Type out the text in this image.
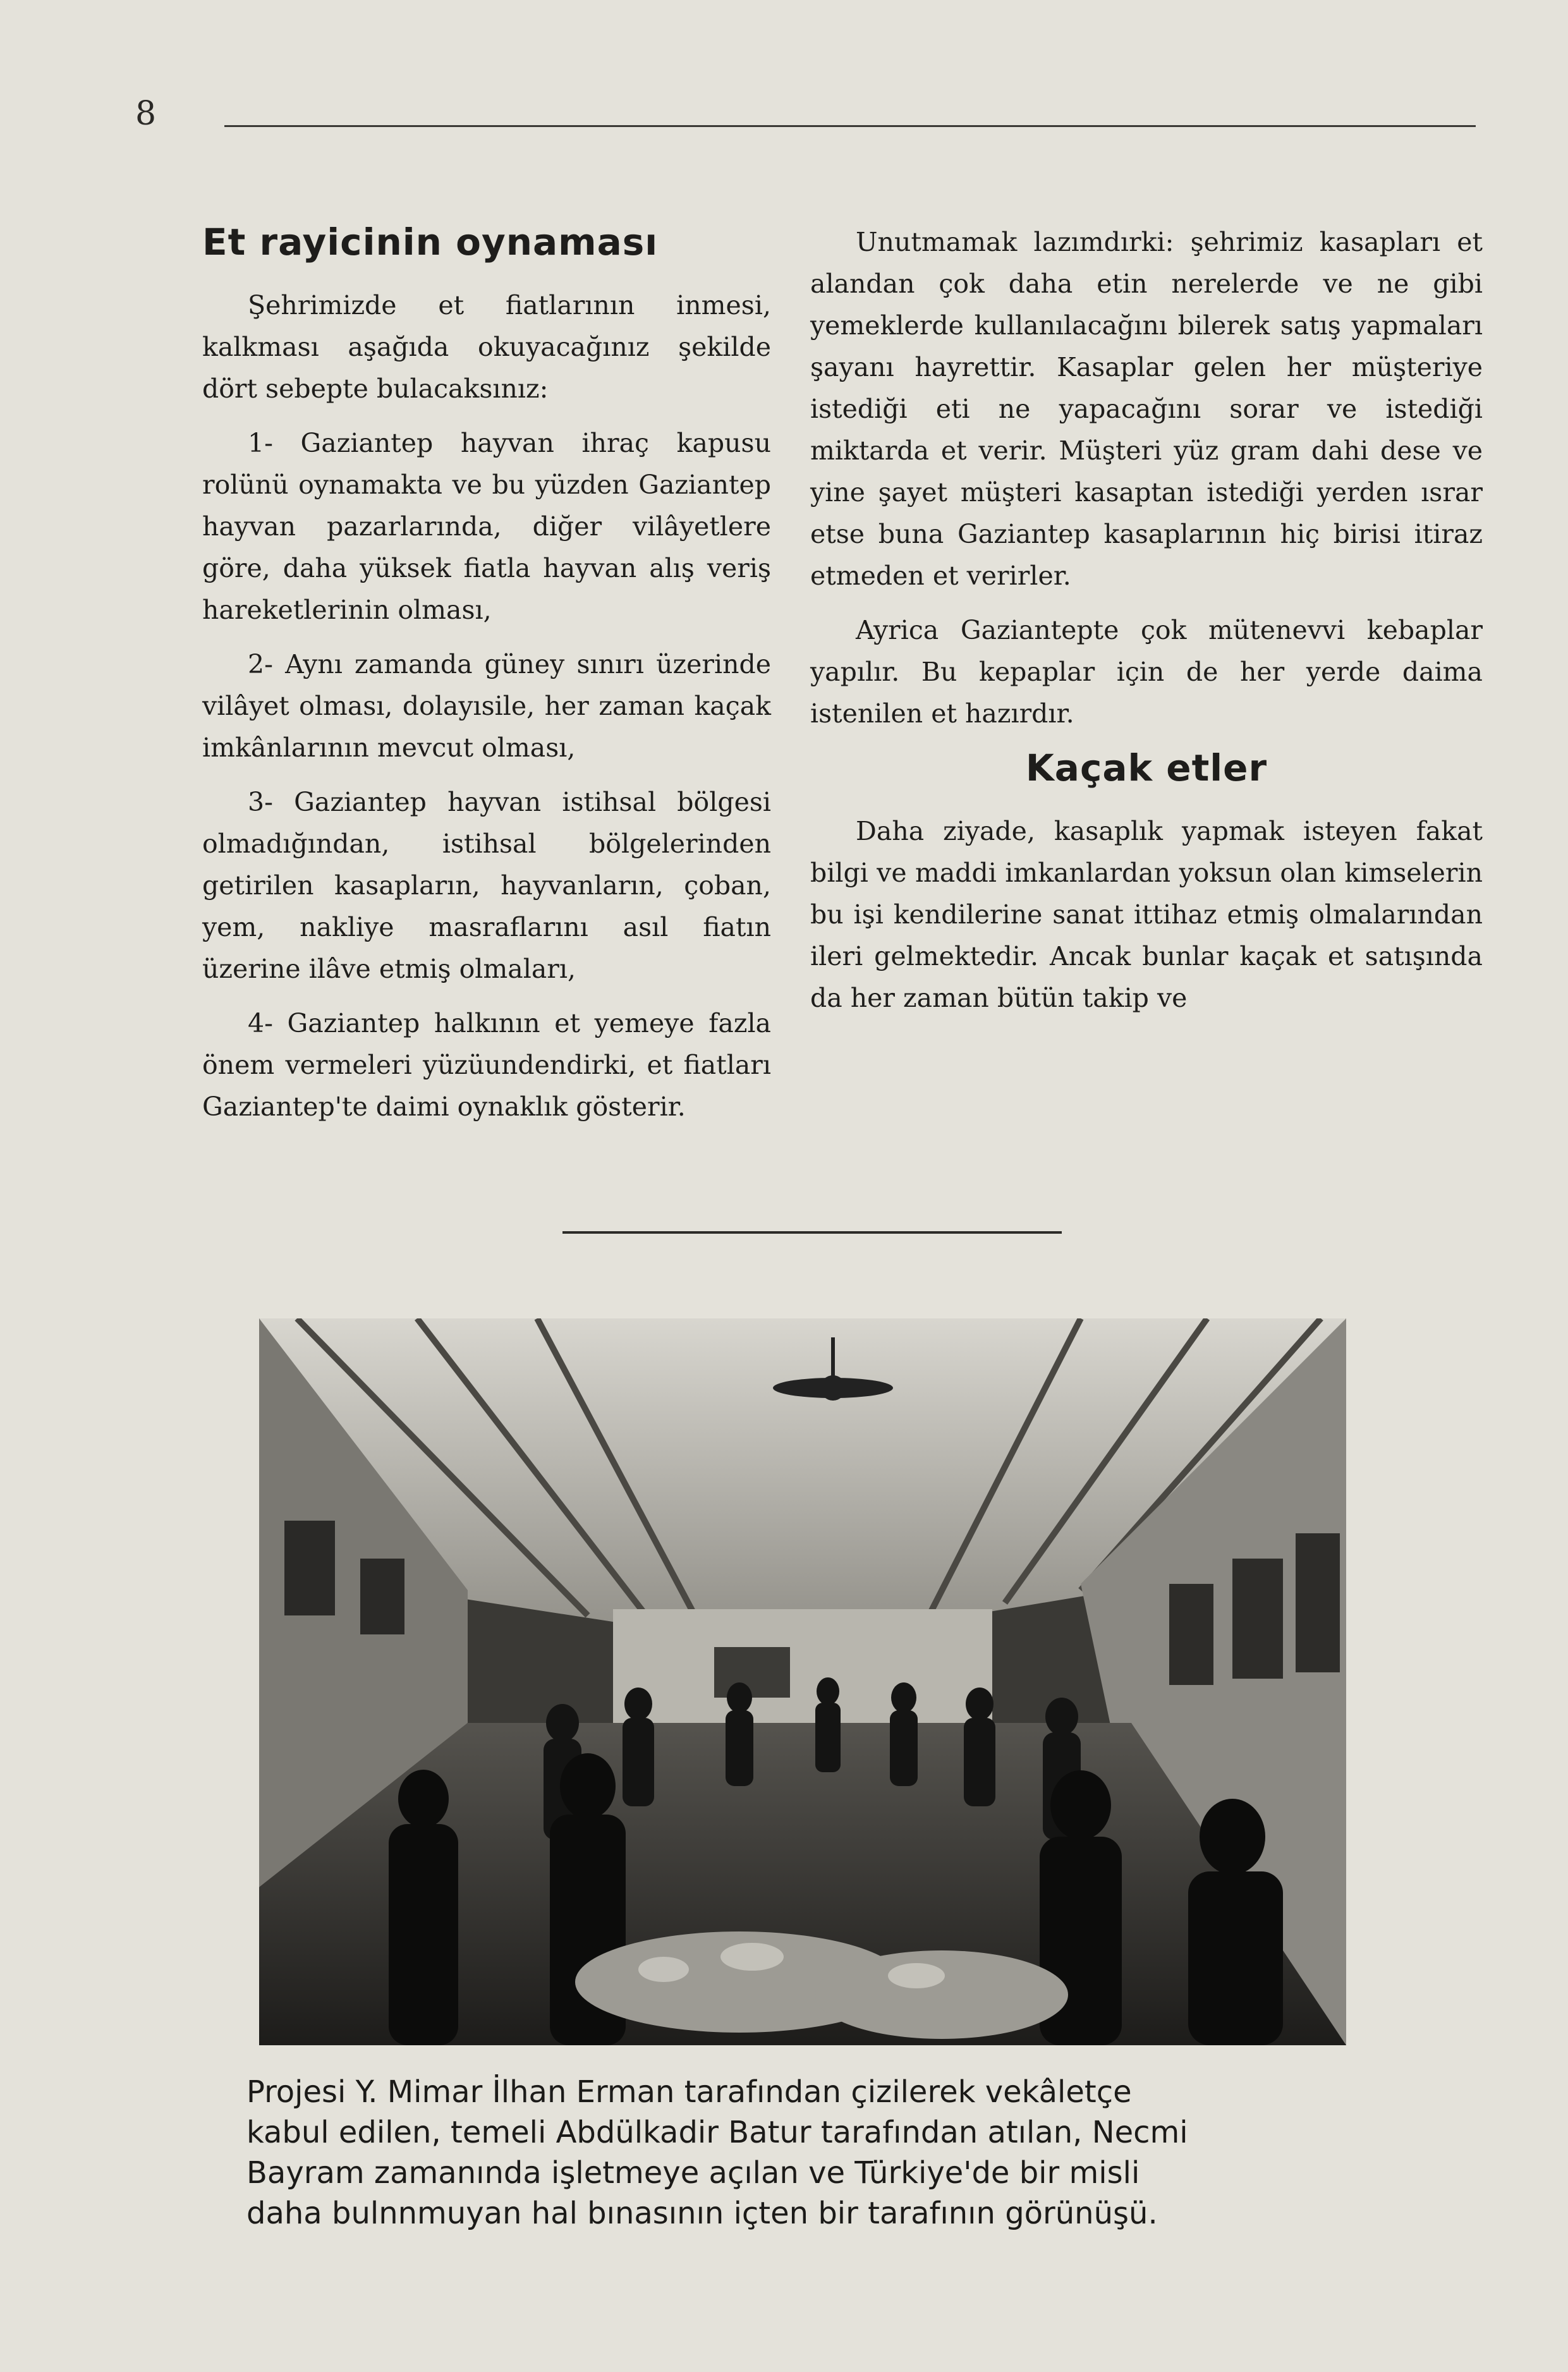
8
Et rayicinin oynaması

Şehrimizde et fiatlarının inmesi, kalkması aşağıda okuyacağınız şekilde dört sebepte bulacaksınız:

1- Gaziantep hayvan ihraç kapusu rolünü oynamakta ve bu yüzden Gaziantep hayvan pazarlarında, diğer vilâyetlere göre, daha yüksek fiatla hayvan alış veriş hareketlerinin olması,

2- Aynı zamanda güney sınırı üzerinde vilâyet olması, dolayısile, her zaman kaçak imkânlarının mevcut olması,

3- Gaziantep hayvan istihsal bölgesi olmadığından, istihsal bölgelerinden getirilen kasapların, hayvanların, çoban, yem, nakliye masraflarını asıl fiatın üzerine ilâve etmiş olmaları,

4- Gaziantep halkının et yemeye fazla önem vermeleri yüzüundendirki, et fiatları Gaziantep'te daimi oynaklık gösterir.

Unutmamak lazımdırki: şehrimiz kasapları et alandan çok daha etin nerelerde ve ne gibi yemeklerde kullanılacağını bilerek satış yapmaları şayanı hayrettir. Kasaplar gelen her müşteriye istediği eti ne yapacağını sorar ve istediği miktarda et verir. Müşteri yüz gram dahi dese ve yine şayet müşteri kasaptan istediği yerden ısrar etse buna Gaziantep kasaplarının hiç birisi itiraz etmeden et verirler.

Ayrica Gaziantepte çok mütenevvi kebaplar yapılır. Bu kepaplar için de her yerde daima istenilen et hazırdır.

Kaçak etler

Daha ziyade, kasaplık yapmak isteyen fakat bilgi ve maddi imkanlardan yoksun olan kimselerin bu işi kendilerine sanat ittihaz etmiş olmalarından ileri gelmektedir. Ancak bunlar kaçak et satışında da her zaman bütün takip ve

Projesi Y. Mimar İlhan Erman tarafından çizilerek vekâletçe

kabul edilen, temeli Abdülkadir Batur tarafından atılan, Necmi

Bayram zamanında işletmeye açılan ve Türkiye'de bir misli

daha bulnnmuyan hal bınasının içten bir tarafının görünüşü.
